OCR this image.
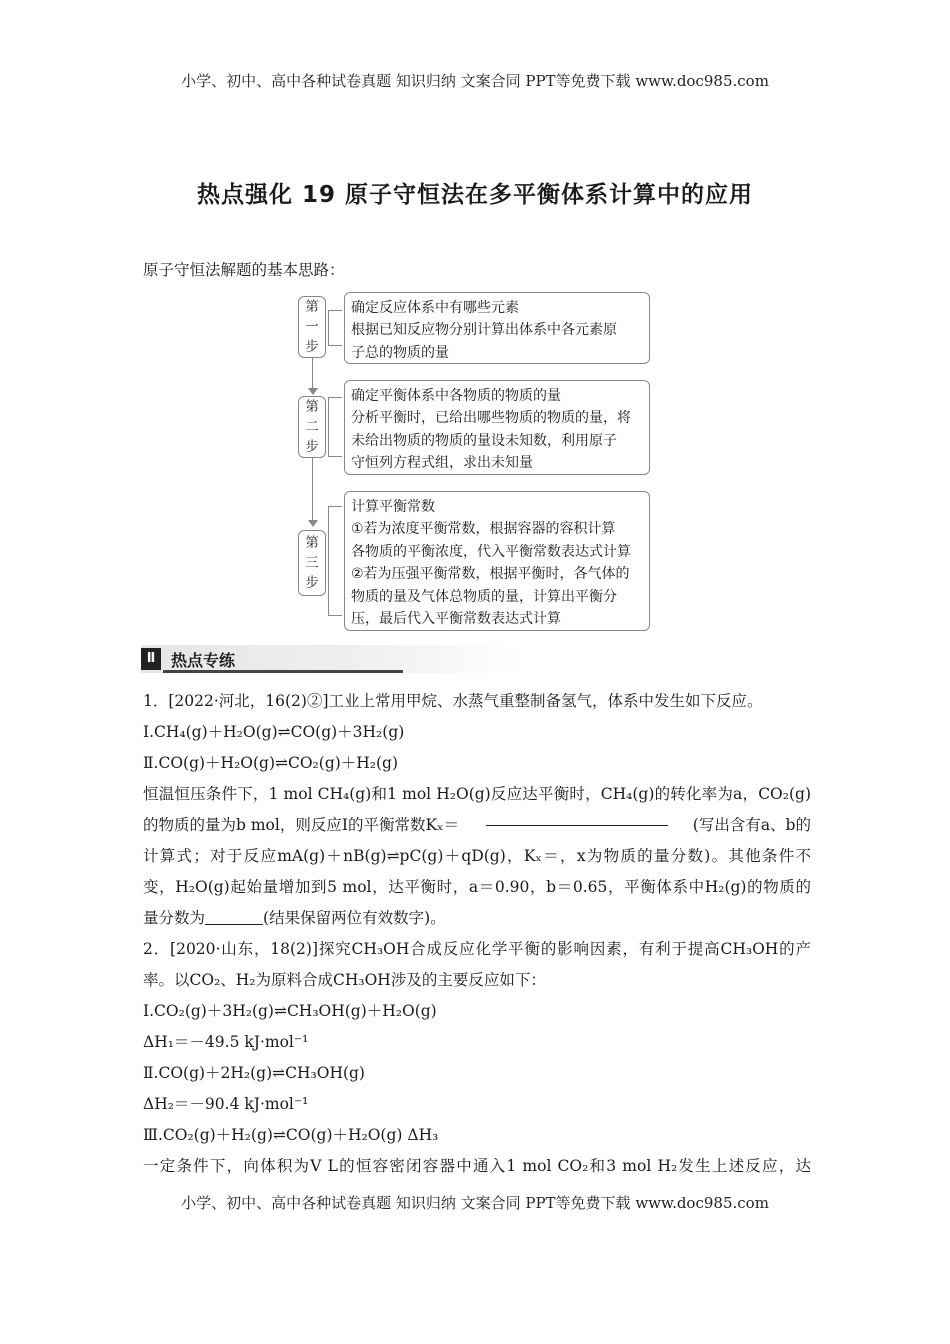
小学、初中、高中各种试卷真题 知识归纳 文案合同 PPT等免费下载 www.doc985.com
热点强化 19 原子守恒法在多平衡体系计算中的应用
原子守恒法解题的基本思路：
第
一
步
确定反应体系中有哪些元素
根据已知反应物分别计算出体系中各元素原
子总的物质的量
第
二
步
确定平衡体系中各物质的物质的量
分析平衡时，已给出哪些物质的物质的量，将
未给出物质的物质的量设未知数，利用原子
守恒列方程式组，求出未知量
第
三
步
计算平衡常数
①若为浓度平衡常数，根据容器的容积计算
各物质的平衡浓度，代入平衡常数表达式计算
②若为压强平衡常数，根据平衡时，各气体的
物质的量及气体总物质的量，计算出平衡分
压，最后代入平衡常数表达式计算
Ⅱ 热点专练
1．[2022·河北，16(2)②]工业上常用甲烷、水蒸气重整制备氢气，体系中发生如下反应。
Ⅰ.CH₄(g)＋H₂O(g)⇌CO(g)＋3H₂(g)
Ⅱ.CO(g)＋H₂O(g)⇌CO₂(g)＋H₂(g)
恒温恒压条件下，1 mol CH₄(g)和1 mol H₂O(g)反应达平衡时，CH₄(g)的转化率为a，CO₂(g)
的物质的量为b mol，则反应Ⅰ的平衡常数Kₓ＝	(写出含有a、b的
计算式；对于反应mA(g)＋nB(g)⇌pC(g)＋qD(g)，Kₓ＝，x为物质的量分数)。其他条件不
变，H₂O(g)起始量增加到5 mol，达平衡时，a＝0.90，b＝0.65，平衡体系中H₂(g)的物质的
量分数为	(结果保留两位有效数字)。
2．[2020·山东，18(2)]探究CH₃OH合成反应化学平衡的影响因素，有利于提高CH₃OH的产
率。以CO₂、H₂为原料合成CH₃OH涉及的主要反应如下：
Ⅰ.CO₂(g)＋3H₂(g)⇌CH₃OH(g)＋H₂O(g)
ΔH₁＝－49.5 kJ·mol⁻¹
Ⅱ.CO(g)＋2H₂(g)⇌CH₃OH(g)
ΔH₂＝－90.4 kJ·mol⁻¹
Ⅲ.CO₂(g)＋H₂(g)⇌CO(g)＋H₂O(g) ΔH₃
一定条件下，向体积为V L的恒容密闭容器中通入1 mol CO₂和3 mol H₂发生上述反应，达
小学、初中、高中各种试卷真题 知识归纳 文案合同 PPT等免费下载 www.doc985.com
